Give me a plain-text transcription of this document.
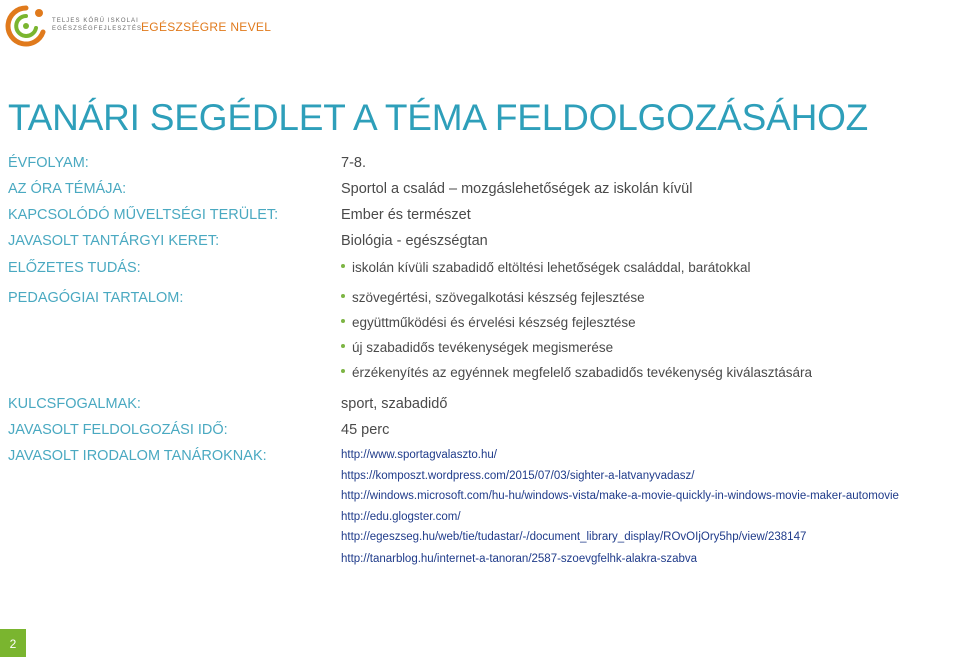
TELJES KÖRŰ ISKOLAI
EGÉSZSÉGFEJLESZTÉS
EGÉSZSÉGRE NEVEL
TANÁRI SEGÉDLET A TÉMA FELDOLGOZÁSÁHOZ
ÉVFOLYAM:	7-8.
AZ ÓRA TÉMÁJA:	Sportol a család – mozgáslehetőségek az iskolán kívül
KAPCSOLÓDÓ MŰVELTSÉGI TERÜLET:	Ember és természet
JAVASOLT TANTÁRGYI KERET:	Biológia - egészségtan
ELŐZETES TUDÁS:	iskolán kívüli szabadidő eltöltési lehetőségek családdal, barátokkal
PEDAGÓGIAI TARTALOM:	szövegértési, szövegalkotási készség fejlesztése
együttműködési és érvelési készség fejlesztése
új szabadidős tevékenységek megismerése
érzékenyítés az egyénnek megfelelő szabadidős tevékenység kiválasztására
KULCSFOGALMAK:	sport, szabadidő
JAVASOLT FELDOLGOZÁSI IDŐ:	45 perc
JAVASOLT IRODALOM TANÁROKNAK:	http://www.sportagvalaszto.hu/
https://komposzt.wordpress.com/2015/07/03/sighter-a-latvanyvadasz/
http://windows.microsoft.com/hu-hu/windows-vista/make-a-movie-quickly-in-windows-movie-maker-automovie
http://edu.glogster.com/
http://egeszseg.hu/web/tie/tudastar/-/document_library_display/ROvOIjOry5hp/view/238147
http://tanarblog.hu/internet-a-tanoran/2587-szoevgfelhk-alakra-szabva
2
